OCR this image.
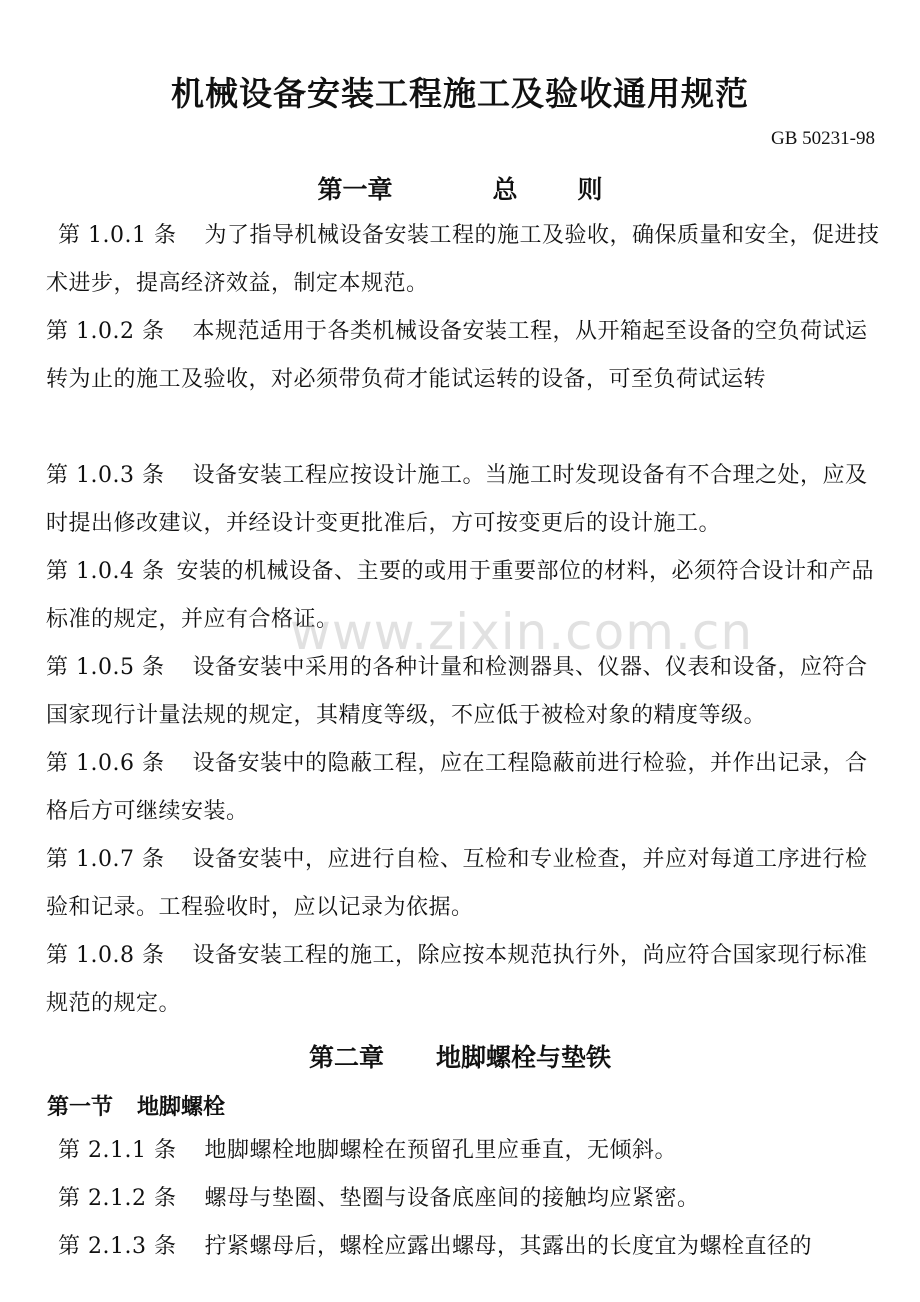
机械设备安装工程施工及验收通用规范
GB 50231-98
第一章	总 则
第 1.0.1 条 为了指导机械设备安装工程的施工及验收，确保质量和安全，促进技术进步，提高经济效益，制定本规范。
第 1.0.2 条 本规范适用于各类机械设备安装工程，从开箱起至设备的空负荷试运转为止的施工及验收，对必须带负荷才能试运转的设备，可至负荷试运转
第 1.0.3 条 设备安装工程应按设计施工。当施工时发现设备有不合理之处，应及时提出修改建议，并经设计变更批准后，方可按变更后的设计施工。
第 1.0.4 条 安装的机械设备、主要的或用于重要部位的材料，必须符合设计和产品标准的规定，并应有合格证。
第 1.0.5 条 设备安装中采用的各种计量和检测器具、仪器、仪表和设备，应符合国家现行计量法规的规定，其精度等级，不应低于被检对象的精度等级。
第 1.0.6 条 设备安装中的隐蔽工程，应在工程隐蔽前进行检验，并作出记录，合格后方可继续安装。
第 1.0.7 条 设备安装中，应进行自检、互检和专业检查，并应对每道工序进行检验和记录。工程验收时，应以记录为依据。
第 1.0.8 条 设备安装工程的施工，除应按本规范执行外，尚应符合国家现行标准规范的规定。
第二章 地脚螺栓与垫铁
第一节 地脚螺栓
第 2.1.1 条 地脚螺栓地脚螺栓在预留孔里应垂直，无倾斜。
第 2.1.2 条 螺母与垫圈、垫圈与设备底座间的接触均应紧密。
第 2.1.3 条 拧紧螺母后，螺栓应露出螺母，其露出的长度宜为螺栓直径的
www.zixin.com.cn
